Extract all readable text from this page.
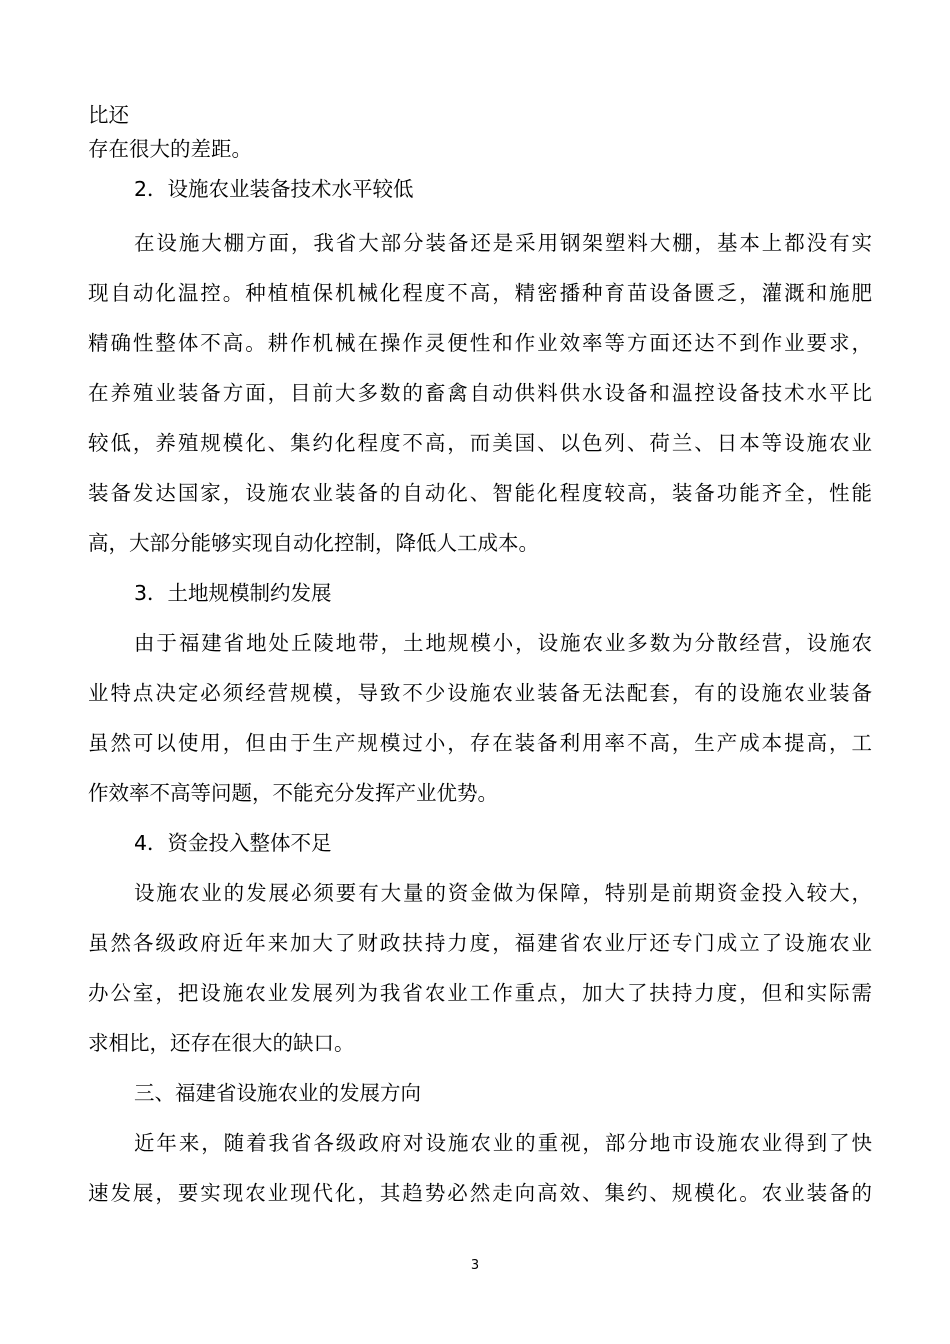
比还
存在很大的差距。
2．设施农业装备技术水平较低
在设施大棚方面，我省大部分装备还是采用钢架塑料大棚，基本上都没有实
现自动化温控。种植植保机械化程度不高，精密播种育苗设备匮乏，灌溉和施肥
精确性整体不高。耕作机械在操作灵便性和作业效率等方面还达不到作业要求，
在养殖业装备方面，目前大多数的畜禽自动供料供水设备和温控设备技术水平比
较低，养殖规模化、集约化程度不高，而美国、以色列、荷兰、日本等设施农业
装备发达国家，设施农业装备的自动化、智能化程度较高，装备功能齐全，性能
高，大部分能够实现自动化控制，降低人工成本。
3．土地规模制约发展
由于福建省地处丘陵地带，土地规模小，设施农业多数为分散经营，设施农
业特点决定必须经营规模，导致不少设施农业装备无法配套，有的设施农业装备
虽然可以使用，但由于生产规模过小，存在装备利用率不高，生产成本提高，工
作效率不高等问题，不能充分发挥产业优势。
4．资金投入整体不足
设施农业的发展必须要有大量的资金做为保障，特别是前期资金投入较大，
虽然各级政府近年来加大了财政扶持力度，福建省农业厅还专门成立了设施农业
办公室，把设施农业发展列为我省农业工作重点，加大了扶持力度，但和实际需
求相比，还存在很大的缺口。
三、福建省设施农业的发展方向
近年来，随着我省各级政府对设施农业的重视，部分地市设施农业得到了快
速发展，要实现农业现代化，其趋势必然走向高效、集约、规模化。农业装备的
3
